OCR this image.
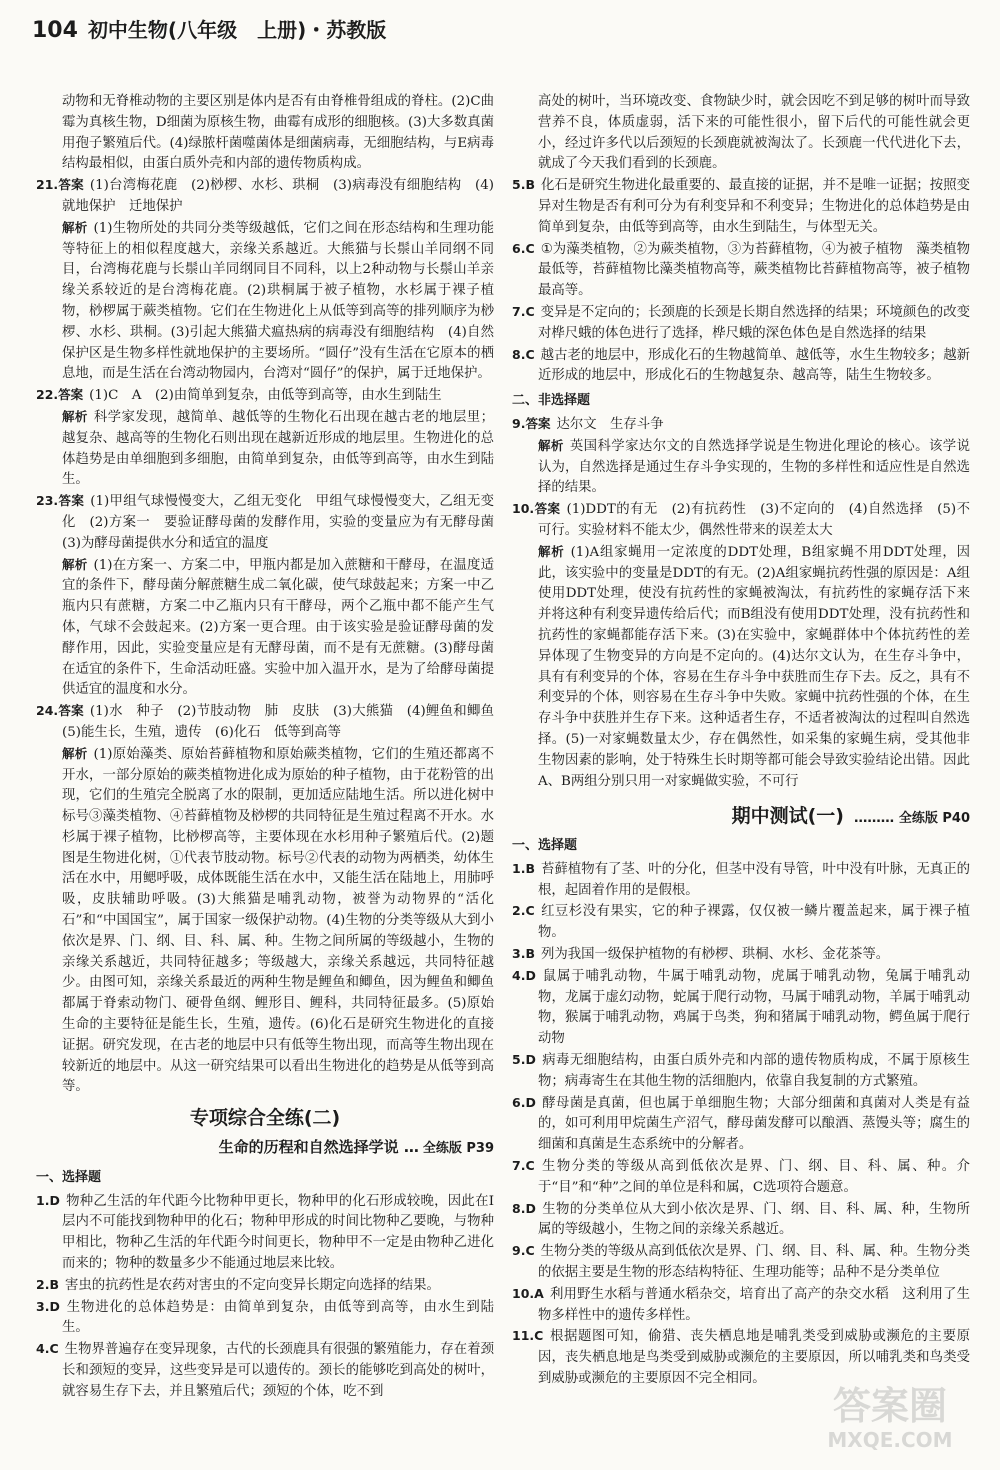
104 初中生物(八年级　上册)・苏教版

动物和无脊椎动物的主要区别是体内是否有由脊椎骨组成的脊柱。(2)C曲霉为真核生物，D细菌为原核生物，曲霉有成形的细胞核。(3)大多数真菌用孢子繁殖后代。(4)绿脓杆菌噬菌体是细菌病毒，无细胞结构，与E病毒结构最相似，由蛋白质外壳和内部的遗传物质构成。

21.答案 (1)台湾梅花鹿　(2)桫椤、水杉、珙桐　(3)病毒没有细胞结构　(4)就地保护　迁地保护

解析 (1)生物所处的共同分类等级越低，它们之间在形态结构和生理功能等特征上的相似程度越大，亲缘关系越近。大熊猫与长鬃山羊同纲不同目，台湾梅花鹿与长鬃山羊同纲同目不同科，以上2种动物与长鬃山羊亲缘关系较近的是台湾梅花鹿。(2)珙桐属于被子植物，水杉属于裸子植物，桫椤属于蕨类植物。它们在生物进化上从低等到高等的排列顺序为桫椤、水杉、珙桐。(3)引起大熊猫犬瘟热病的病毒没有细胞结构　(4)自然保护区是生物多样性就地保护的主要场所。“圆仔”没有生活在它原本的栖息地，而是生活在台湾动物园内，台湾对“圆仔”的保护，属于迁地保护。

22.答案 (1)C　A　(2)由简单到复杂，由低等到高等，由水生到陆生

解析 科学家发现，越简单、越低等的生物化石出现在越古老的地层里；越复杂、越高等的生物化石则出现在越新近形成的地层里。生物进化的总体趋势是由单细胞到多细胞，由简单到复杂，由低等到高等，由水生到陆生。

23.答案 (1)甲组气球慢慢变大，乙组无变化　甲组气球慢慢变大，乙组无变化　(2)方案一　要验证酵母菌的发酵作用，实验的变量应为有无酵母菌　(3)为酵母菌提供水分和适宜的温度

解析 (1)在方案一、方案二中，甲瓶内都是加入蔗糖和干酵母，在温度适宜的条件下，酵母菌分解蔗糖生成二氧化碳，使气球鼓起来；方案一中乙瓶内只有蔗糖，方案二中乙瓶内只有干酵母，两个乙瓶中都不能产生气体，气球不会鼓起来。(2)方案一更合理。由于该实验是验证酵母菌的发酵作用，因此，实验变量应是有无酵母菌，而不是有无蔗糖。(3)酵母菌在适宜的条件下，生命活动旺盛。实验中加入温开水，是为了给酵母菌提供适宜的温度和水分。

24.答案 (1)水　种子　(2)节肢动物　肺　皮肤　(3)大熊猫　(4)鲤鱼和鲫鱼　(5)能生长，生殖，遗传　(6)化石　低等到高等

解析 (1)原始藻类、原始苔藓植物和原始蕨类植物，它们的生殖还都离不开水，一部分原始的蕨类植物进化成为原始的种子植物，由于花粉管的出现，它们的生殖完全脱离了水的限制，更加适应陆地生活。所以进化树中标号③藻类植物、④苔藓植物及桫椤的共同特征是生殖过程离不开水。水杉属于裸子植物，比桫椤高等，主要体现在水杉用种子繁殖后代。(2)题图是生物进化树，①代表节肢动物。标号②代表的动物为两栖类，幼体生活在水中，用鳃呼吸，成体既能生活在水中，又能生活在陆地上，用肺呼吸，皮肤辅助呼吸。(3)大熊猫是哺乳动物，被誉为动物界的“活化石”和“中国国宝”，属于国家一级保护动物。(4)生物的分类等级从大到小依次是界、门、纲、目、科、属、种。生物之间所属的等级越小，生物的亲缘关系越近，共同特征越多；等级越大，亲缘关系越远，共同特征越少。由图可知，亲缘关系最近的两种生物是鲤鱼和鲫鱼，因为鲤鱼和鲫鱼都属于脊索动物门、硬骨鱼纲、鲤形目、鲤科，共同特征最多。(5)原始生命的主要特征是能生长，生殖，遗传。(6)化石是研究生物进化的直接证据。研究发现，在古老的地层中只有低等生物出现，而高等生物出现在较新近的地层中。从这一研究结果可以看出生物进化的趋势是从低等到高等。

专项综合全练(二)
生命的历程和自然选择学说 … 全练版 P39
一、选择题

1.D 物种乙生活的年代距今比物种甲更长，物种甲的化石形成较晚，因此在Ⅰ层内不可能找到物种甲的化石；物种甲形成的时间比物种乙要晚，与物种甲相比，物种乙生活的年代距今时间更长，物种甲不一定是由物种乙进化而来的；物种的数量多少不能通过地层来比较。

2.B 害虫的抗药性是农药对害虫的不定向变异长期定向选择的结果。

3.D 生物进化的总体趋势是：由简单到复杂，由低等到高等，由水生到陆生。

4.C 生物界普遍存在变异现象，古代的长颈鹿具有很强的繁殖能力，存在着颈长和颈短的变异，这些变异是可以遗传的。颈长的能够吃到高处的树叶，就容易生存下去，并且繁殖后代；颈短的个体，吃不到

高处的树叶，当环境改变、食物缺少时，就会因吃不到足够的树叶而导致营养不良，体质虚弱，活下来的可能性很小，留下后代的可能性就会更小，经过许多代以后颈短的长颈鹿就被淘汰了。长颈鹿一代代进化下去，就成了今天我们看到的长颈鹿。

5.B 化石是研究生物进化最重要的、最直接的证据，并不是唯一证据；按照变异对生物是否有利可分为有利变异和不利变异；生物进化的总体趋势是由简单到复杂，由低等到高等，由水生到陆生，与体型无关。

6.C ①为藻类植物，②为蕨类植物，③为苔藓植物，④为被子植物　藻类植物最低等，苔藓植物比藻类植物高等，蕨类植物比苔藓植物高等，被子植物最高等。

7.C 变异是不定向的；长颈鹿的长颈是长期自然选择的结果；环境颜色的改变对桦尺蛾的体色进行了选择，桦尺蛾的深色体色是自然选择的结果

8.C 越古老的地层中，形成化石的生物越简单、越低等，水生生物较多；越新近形成的地层中，形成化石的生物越复杂、越高等，陆生生物较多。

二、非选择题

9.答案 达尔文　生存斗争

解析 英国科学家达尔文的自然选择学说是生物进化理论的核心。该学说认为，自然选择是通过生存斗争实现的，生物的多样性和适应性是自然选择的结果。

10.答案 (1)DDT的有无　(2)有抗药性　(3)不定向的　(4)自然选择　(5)不可行。实验材料不能太少，偶然性带来的误差太大

解析 (1)A组家蝇用一定浓度的DDT处理，B组家蝇不用DDT处理，因此，该实验中的变量是DDT的有无。(2)A组家蝇抗药性强的原因是：A组使用DDT处理，使没有抗药性的家蝇被淘汰，有抗药性的家蝇存活下来并将这种有利变异遗传给后代；而B组没有使用DDT处理，没有抗药性和抗药性的家蝇都能存活下来。(3)在实验中，家蝇群体中个体抗药性的差异体现了生物变异的方向是不定向的。(4)达尔文认为，在生存斗争中，具有有利变异的个体，容易在生存斗争中获胜而生存下去。反之，具有不利变异的个体，则容易在生存斗争中失败。家蝇中抗药性强的个体，在生存斗争中获胜并生存下来。这种适者生存，不适者被淘汰的过程叫自然选择。(5)一对家蝇数量太少，存在偶然性，如采集的家蝇生病，受其他非生物因素的影响，处于特殊生长时期等都可能会导致实验结论出错。因此A、B两组分别只用一对家蝇做实验，不可行

期中测试(一) ……… 全练版 P40
一、选择题

1.B 苔藓植物有了茎、叶的分化，但茎中没有导管，叶中没有叶脉，无真正的根，起固着作用的是假根。

2.C 红豆杉没有果实，它的种子裸露，仅仅被一鳞片覆盖起来，属于裸子植物。

3.B 列为我国一级保护植物的有桫椤、珙桐、水杉、金花茶等。

4.D 鼠属于哺乳动物，牛属于哺乳动物，虎属于哺乳动物，兔属于哺乳动物，龙属于虚幻动物，蛇属于爬行动物，马属于哺乳动物，羊属于哺乳动物，猴属于哺乳动物，鸡属于鸟类，狗和猪属于哺乳动物，鳄鱼属于爬行动物

5.D 病毒无细胞结构，由蛋白质外壳和内部的遗传物质构成，不属于原核生物；病毒寄生在其他生物的活细胞内，依靠自我复制的方式繁殖。

6.D 酵母菌是真菌，但也属于单细胞生物；大部分细菌和真菌对人类是有益的，如可利用甲烷菌生产沼气，酵母菌发酵可以酿酒、蒸馒头等；腐生的细菌和真菌是生态系统中的分解者。

7.C 生物分类的等级从高到低依次是界、门、纲、目、科、属、种。介于“目”和“种”之间的单位是科和属，C选项符合题意。

8.D 生物的分类单位从大到小依次是界、门、纲、目、科、属、种，生物所属的等级越小，生物之间的亲缘关系越近。

9.C 生物分类的等级从高到低依次是界、门、纲、目、科、属、种。生物分类的依据主要是生物的形态结构特征、生理功能等；品种不是分类单位

10.A 利用野生水稻与普通水稻杂交，培育出了高产的杂交水稻　这利用了生物多样性中的遗传多样性。

11.C 根据题图可知，偷猎、丧失栖息地是哺乳类受到威胁或濒危的主要原因，丧失栖息地是鸟类受到威胁或濒危的主要原因，所以哺乳类和鸟类受到威胁或濒危的主要原因不完全相同。

答案圈
MXQE.COM
